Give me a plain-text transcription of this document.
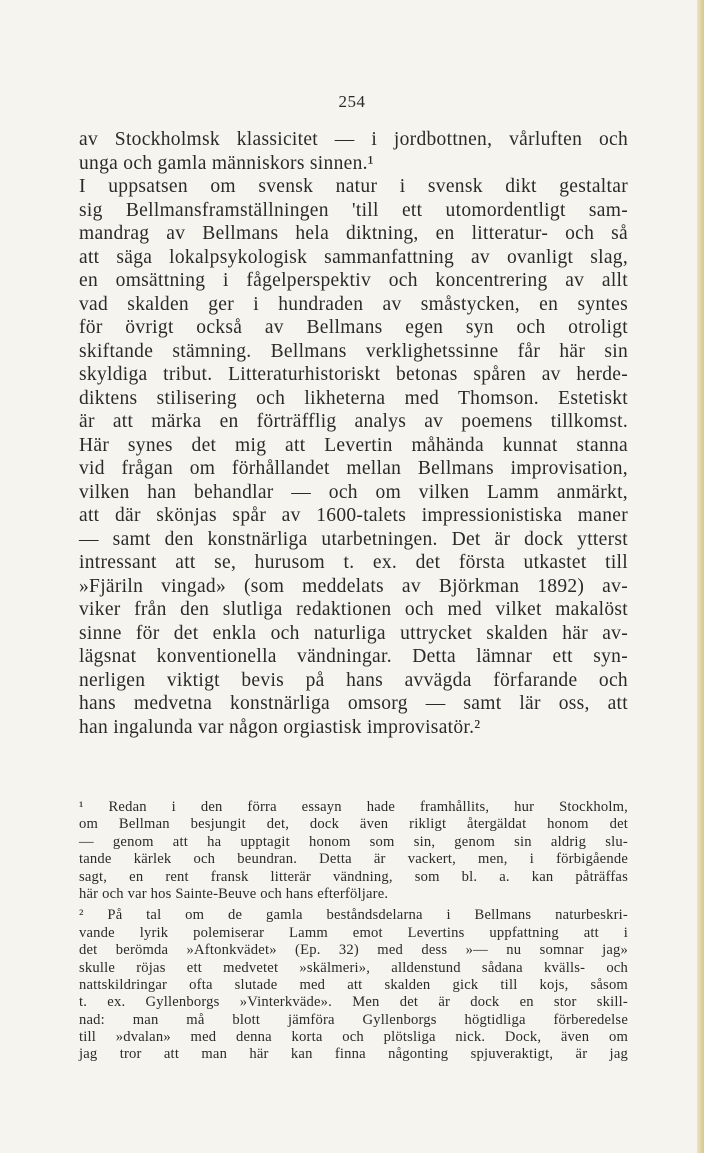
254
av Stockholmsk klassicitet — i jordbottnen, vårluften och
unga och gamla människors sinnen.¹
I uppsatsen om svensk natur i svensk dikt gestaltar
sig Bellmansframställningen 'till ett utomordentligt sam-
mandrag av Bellmans hela diktning, en litteratur- och så
att säga lokalpsykologisk sammanfattning av ovanligt slag,
en omsättning i fågelperspektiv och koncentrering av allt
vad skalden ger i hundraden av småstycken, en syntes
för övrigt också av Bellmans egen syn och otroligt
skiftande stämning. Bellmans verklighetssinne får här sin
skyldiga tribut. Litteraturhistoriskt betonas spåren av herde-
diktens stilisering och likheterna med Thomson. Estetiskt
är att märka en förträfflig analys av poemens tillkomst.
Här synes det mig att Levertin måhända kunnat stanna
vid frågan om förhållandet mellan Bellmans improvisation,
vilken han behandlar — och om vilken Lamm anmärkt,
att där skönjas spår av 1600-talets impressionistiska maner
— samt den konstnärliga utarbetningen. Det är dock ytterst
intressant att se, hurusom t. ex. det första utkastet till
»Fjäriln vingad» (som meddelats av Björkman 1892) av-
viker från den slutliga redaktionen och med vilket makalöst
sinne för det enkla och naturliga uttrycket skalden här av-
lägsnat konventionella vändningar. Detta lämnar ett syn-
nerligen viktigt bevis på hans avvägda förfarande och
hans medvetna konstnärliga omsorg — samt lär oss, att
han ingalunda var någon orgiastisk improvisatör.²
¹ Redan i den förra essayn hade framhållits, hur Stockholm,
om Bellman besjungit det, dock även rikligt återgäldat honom det
— genom att ha upptagit honom som sin, genom sin aldrig slu-
tande kärlek och beundran. Detta är vackert, men, i förbigående
sagt, en rent fransk litterär vändning, som bl. a. kan påträffas
här och var hos Sainte-Beuve och hans efterföljare.
² På tal om de gamla beståndsdelarna i Bellmans naturbeskri-
vande lyrik polemiserar Lamm emot Levertins uppfattning att i
det berömda »Aftonkvädet» (Ep. 32) med dess »— nu somnar jag»
skulle röjas ett medvetet »skälmeri», alldenstund sådana kvälls- och
nattskildringar ofta slutade med att skalden gick till kojs, såsom
t. ex. Gyllenborgs »Vinterkväde». Men det är dock en stor skill-
nad: man må blott jämföra Gyllenborgs högtidliga förberedelse
till »dvalan» med denna korta och plötsliga nick. Dock, även om
jag tror att man här kan finna någonting spjuveraktigt, är jag
